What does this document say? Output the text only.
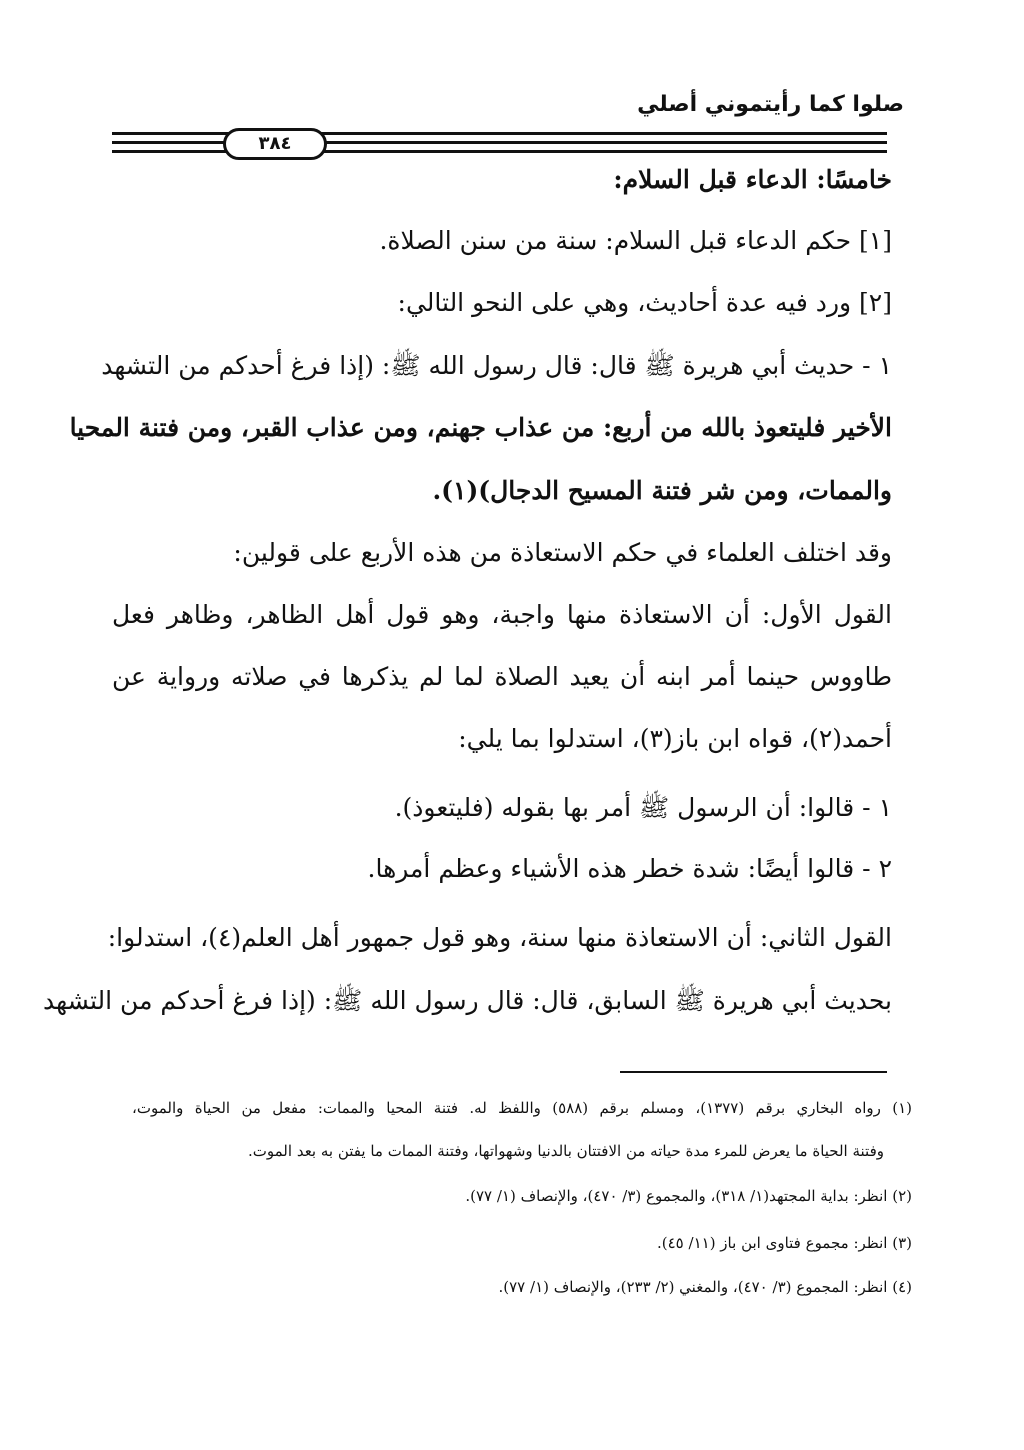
صلوا كما رأيتموني أصلي
٣٨٤
خامسًا: الدعاء قبل السلام:
[١] حكم الدعاء قبل السلام: سنة من سنن الصلاة.
[٢] ورد فيه عدة أحاديث، وهي على النحو التالي:
١ - حديث أبي هريرة ﷺ قال: قال رسول الله ﷺ: (إذا فرغ أحدكم من التشهد
الأخير فليتعوذ بالله من أربع: من عذاب جهنم، ومن عذاب القبر، ومن فتنة المحيا
والممات، ومن شر فتنة المسيح الدجال)(١).
وقد اختلف العلماء في حكم الاستعاذة من هذه الأربع على قولين:
القول الأول: أن الاستعاذة منها واجبة، وهو قول أهل الظاهر، وظاهر فعل
طاووس حينما أمر ابنه أن يعيد الصلاة لما لم يذكرها في صلاته ورواية عن
أحمد(٢)، قواه ابن باز(٣)، استدلوا بما يلي:
١ - قالوا: أن الرسول ﷺ أمر بها بقوله (فليتعوذ).
٢ - قالوا أيضًا: شدة خطر هذه الأشياء وعظم أمرها.
القول الثاني: أن الاستعاذة منها سنة، وهو قول جمهور أهل العلم(٤)، استدلوا:
بحديث أبي هريرة ﷺ السابق، قال: قال رسول الله ﷺ: (إذا فرغ أحدكم من التشهد
(١) رواه البخاري برقم (١٣٧٧)، ومسلم برقم (٥٨٨) واللفظ له. فتنة المحيا والممات: مفعل من الحياة والموت،
وفتنة الحياة ما يعرض للمرء مدة حياته من الافتتان بالدنيا وشهواتها، وفتنة الممات ما يفتن به بعد الموت.
(٢) انظر: بداية المجتهد(١/ ٣١٨)، والمجموع (٣/ ٤٧٠)، والإنصاف (١/ ٧٧).
(٣) انظر: مجموع فتاوى ابن باز (١١/ ٤٥).
(٤) انظر: المجموع (٣/ ٤٧٠)، والمغني (٢/ ٢٣٣)، والإنصاف (١/ ٧٧).
